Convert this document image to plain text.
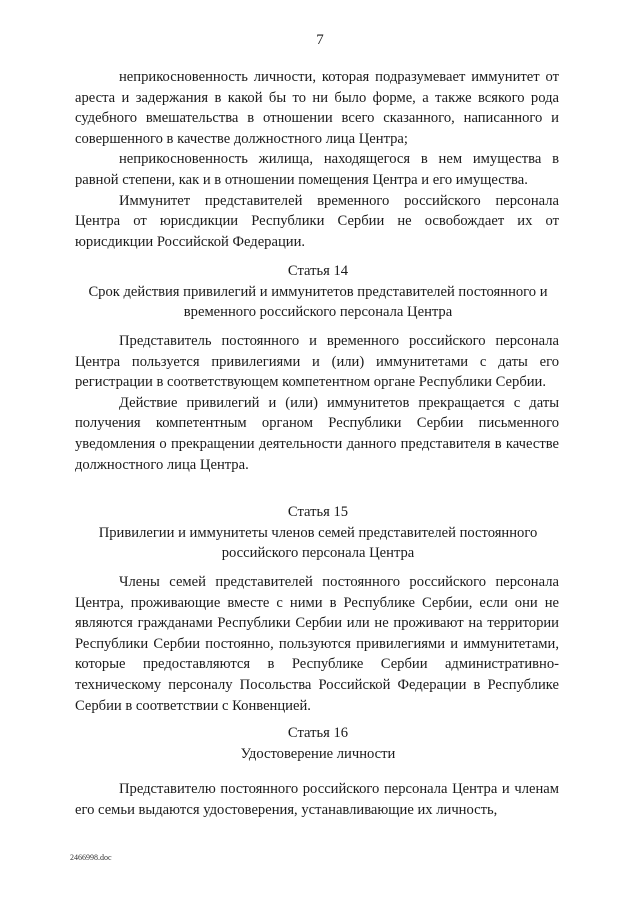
7

неприкосновенность личности, которая подразумевает иммунитет от ареста и задержания в какой бы то ни было форме, а также всякого рода судебного вмешательства в отношении всего сказанного, написанного и совершенного в качестве должностного лица Центра;

неприкосновенность жилища, находящегося в нем имущества в равной степени, как и в отношении помещения Центра и его имущества.

Иммунитет представителей временного российского персонала Центра от юрисдикции Республики Сербии не освобождает их от юрисдикции Российской Федерации.

Статья 14
Срок действия привилегий и иммунитетов представителей постоянного и временного российского персонала Центра

Представитель постоянного и временного российского персонала Центра пользуется привилегиями и (или) иммунитетами с даты его регистрации в соответствующем компетентном органе Республики Сербии.

Действие привилегий и (или) иммунитетов прекращается с даты получения компетентным органом Республики Сербии письменного уведомления о прекращении деятельности данного представителя в качестве должностного лица Центра.

Статья 15
Привилегии и иммунитеты членов семей представителей постоянного российского персонала Центра

Члены семей представителей постоянного российского персонала Центра, проживающие вместе с ними в Республике Сербии, если они не являются гражданами Республики Сербии или не проживают на территории Республики Сербии постоянно, пользуются привилегиями и иммунитетами, которые предоставляются в Республике Сербии административно-техническому персоналу Посольства Российской Федерации в Республике Сербии в соответствии с Конвенцией.

Статья 16
Удостоверение личности

Представителю постоянного российского персонала Центра и членам его семьи выдаются удостоверения, устанавливающие их личность,

2466998.doc
